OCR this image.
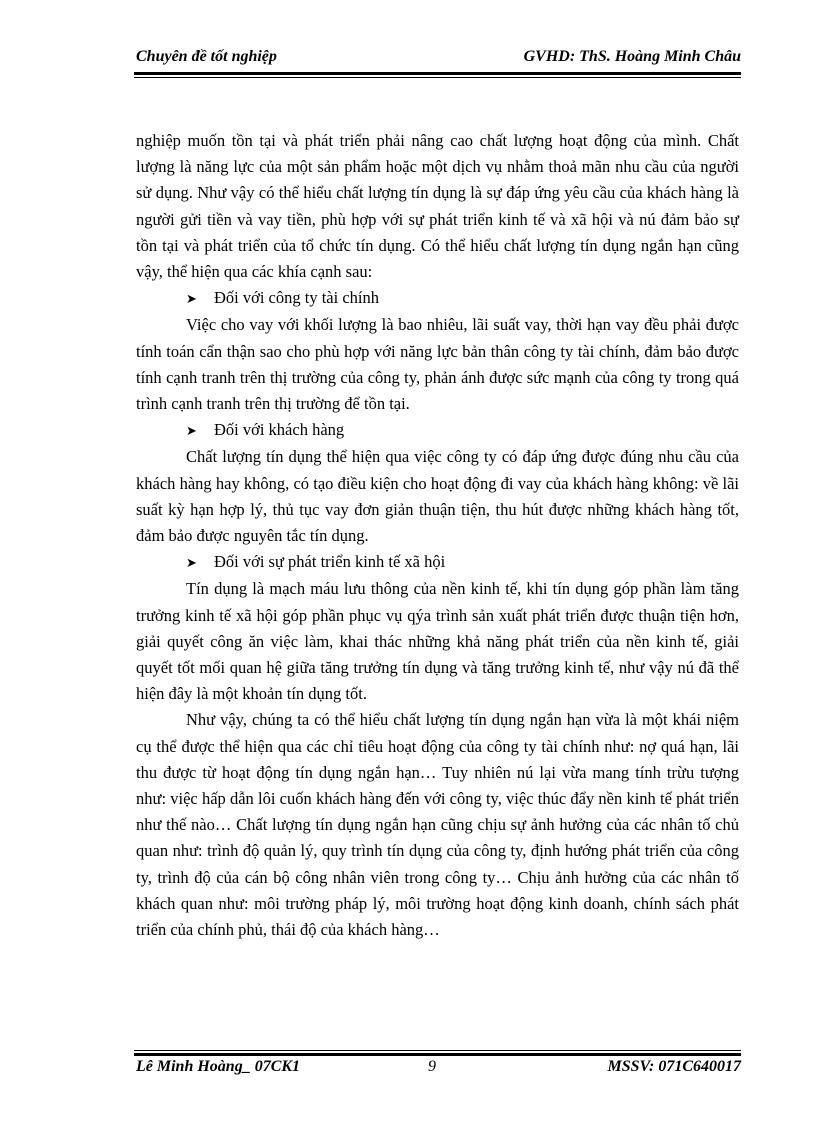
Chuyên đề tốt nghiệp	GVHD: ThS. Hoàng Minh Châu

nghiệp muốn tồn tại và phát triển phải nâng cao chất lượng hoạt động của mình. Chất lượng là năng lực của một sản phẩm hoặc một dịch vụ nhằm thoả mãn nhu cầu của người sử dụng. Như vậy có thể hiểu chất lượng tín dụng là sự đáp ứng yêu cầu của khách hàng là người gửi tiền và vay tiền, phù hợp với sự phát triển kinh tế và xã hội và nú đảm bảo sự tồn tại và phát triển của tổ chức tín dụng. Có thể hiểu chất lượng tín dụng ngắn hạn cũng vậy, thể hiện qua các khía cạnh sau:

➤ Đối với công ty tài chính

Việc cho vay với khối lượng là bao nhiêu, lãi suất vay, thời hạn vay đều phải được tính toán cẩn thận sao cho phù hợp với năng lực bản thân công ty tài chính, đảm bảo được tính cạnh tranh trên thị trường của công ty, phản ánh được sức mạnh của công ty trong quá trình cạnh tranh trên thị trường để tồn tại.

➤ Đối với khách hàng

Chất lượng tín dụng thể hiện qua việc công ty có đáp ứng được đúng nhu cầu của khách hàng hay không, có tạo điều kiện cho hoạt động đi vay của khách hàng không: về lãi suất kỳ hạn hợp lý, thủ tục vay đơn giản thuận tiện, thu hút được những khách hàng tốt, đảm bảo được nguyên tắc tín dụng.

➤ Đối với sự phát triển kinh tế xã hội

Tín dụng là mạch máu lưu thông của nền kinh tế, khi tín dụng góp phần làm tăng trưởng kinh tế xã hội góp phần phục vụ qýa trình sản xuất phát triển được thuận tiện hơn, giải quyết công ăn việc làm, khai thác những khả năng phát triển của nền kinh tế, giải quyết tốt mối quan hệ giữa tăng trưởng tín dụng và tăng trưởng kinh tế, như vậy nú đã thể hiện đây là một khoản tín dụng tốt.

Như vậy, chúng ta có thể hiểu chất lượng tín dụng ngắn hạn vừa là một khái niệm cụ thể được thể hiện qua các chỉ tiêu hoạt động của công ty tài chính như: nợ quá hạn, lãi thu được từ hoạt động tín dụng ngắn hạn… Tuy nhiên nú lại vừa mang tính trừu tượng như: việc hấp dẫn lôi cuốn khách hàng đến với công ty, việc thúc đẩy nền kinh tế phát triển như thế nào… Chất lượng tín dụng ngắn hạn cũng chịu sự ảnh hưởng của các nhân tố chủ quan như: trình độ quản lý, quy trình tín dụng của công ty, định hướng phát triển của công ty, trình độ của cán bộ công nhân viên trong công ty… Chịu ảnh hưởng của các nhân tố khách quan như: môi trường pháp lý, môi trường hoạt động kinh doanh, chính sách phát triển của chính phủ, thái độ của khách hàng…

Lê Minh Hoàng_ 07CK1	9	MSSV: 071C640017
